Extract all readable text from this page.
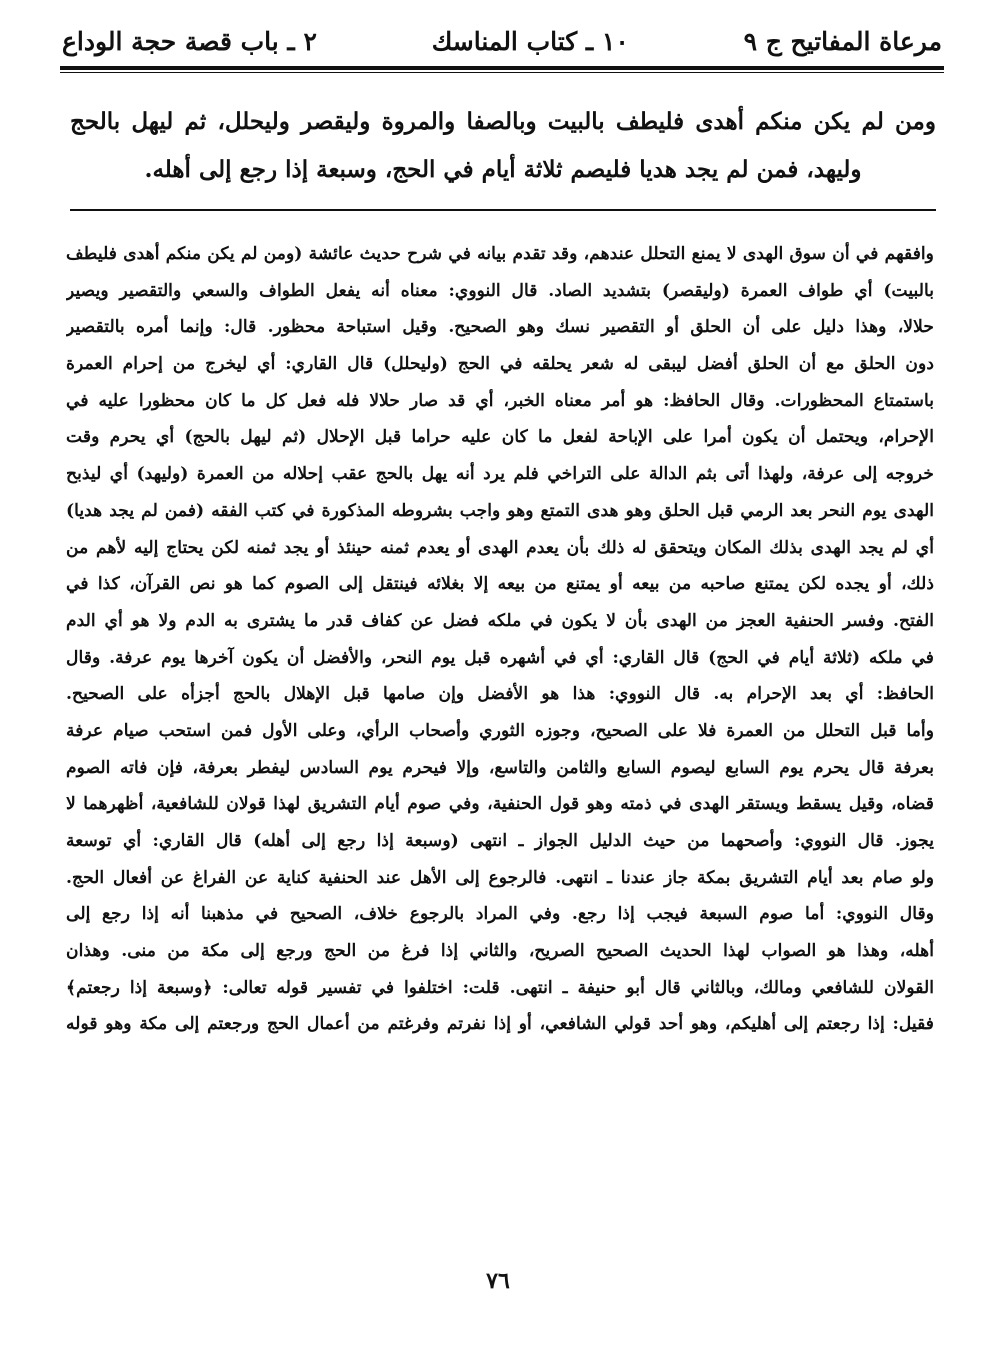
مرعاة المفاتيح ج ٩
١٠ ـ كتاب المناسك
٢ ـ باب قصة حجة الوداع
ومن لم يكن منكم أهدى فليطف بالبيت وبالصفا والمروة وليقصر وليحلل، ثم ليهل بالحج وليهد، فمن لم يجد هديا فليصم ثلاثة أيام في الحج، وسبعة إذا رجع إلى أهله.
وافقهم في أن سوق الهدى لا يمنع التحلل عندهم، وقد تقدم بيانه في شرح حديث عائشة (ومن لم يكن منكم أهدى فليطف
بالبيت) أي طواف العمرة (وليقصر) بتشديد الصاد. قال النووي: معناه أنه يفعل الطواف والسعي والتقصير ويصير
حلالا، وهذا دليل على أن الحلق أو التقصير نسك وهو الصحيح. وقيل استباحة محظور. قال: وإنما أمره بالتقصير
دون الحلق مع أن الحلق أفضل ليبقى له شعر يحلقه في الحج (وليحلل) قال القاري: أي ليخرج من إحرام العمرة
باستمتاع المحظورات. وقال الحافظ: هو أمر معناه الخبر، أي قد صار حلالا فله فعل كل ما كان محظورا عليه في
الإحرام، ويحتمل أن يكون أمرا على الإباحة لفعل ما كان عليه حراما قبل الإحلال (ثم ليهل بالحج) أي يحرم وقت
خروجه إلى عرفة، ولهذا أتى بثم الدالة على التراخي فلم يرد أنه يهل بالحج عقب إحلاله من العمرة (وليهد) أي ليذبح
الهدى يوم النحر بعد الرمي قبل الحلق وهو هدى التمتع وهو واجب بشروطه المذكورة في كتب الفقه (فمن لم يجد هديا)
أي لم يجد الهدى بذلك المكان ويتحقق له ذلك بأن يعدم الهدى أو يعدم ثمنه حينئذ أو يجد ثمنه لكن يحتاج إليه لأهم من
ذلك، أو يجده لكن يمتنع صاحبه من بيعه أو يمتنع من بيعه إلا بغلائه فينتقل إلى الصوم كما هو نص القرآن، كذا في
الفتح. وفسر الحنفية العجز من الهدى بأن لا يكون في ملكه فضل عن كفاف قدر ما يشترى به الدم ولا هو أي الدم
في ملكه (ثلاثة أيام في الحج) قال القاري: أي في أشهره قبل يوم النحر، والأفضل أن يكون آخرها يوم عرفة. وقال
الحافظ: أي بعد الإحرام به. قال النووي: هذا هو الأفضل وإن صامها قبل الإهلال بالحج أجزأه على الصحيح.
وأما قبل التحلل من العمرة فلا على الصحيح، وجوزه الثوري وأصحاب الرأي، وعلى الأول فمن استحب صيام عرفة
بعرفة قال يحرم يوم السابع ليصوم السابع والثامن والتاسع، وإلا فيحرم يوم السادس ليفطر بعرفة، فإن فاته الصوم
قضاه، وقيل يسقط ويستقر الهدى في ذمته وهو قول الحنفية، وفي صوم أيام التشريق لهذا قولان للشافعية، أظهرهما لا
يجوز. قال النووي: وأصحهما من حيث الدليل الجواز ـ انتهى (وسبعة إذا رجع إلى أهله) قال القاري: أي توسعة
ولو صام بعد أيام التشريق بمكة جاز عندنا ـ انتهى. فالرجوع إلى الأهل عند الحنفية كناية عن الفراغ عن أفعال الحج.
وقال النووي: أما صوم السبعة فيجب إذا رجع. وفي المراد بالرجوع خلاف، الصحيح في مذهبنا أنه إذا رجع إلى
أهله، وهذا هو الصواب لهذا الحديث الصحيح الصريح، والثاني إذا فرغ من الحج ورجع إلى مكة من منى. وهذان
القولان للشافعي ومالك، وبالثاني قال أبو حنيفة ـ انتهى. قلت: اختلفوا في تفسير قوله تعالى: ﴿وسبعة إذا رجعتم﴾
فقيل: إذا رجعتم إلى أهليكم، وهو أحد قولي الشافعي، أو إذا نفرتم وفرغتم من أعمال الحج ورجعتم إلى مكة وهو قوله
٧٦
